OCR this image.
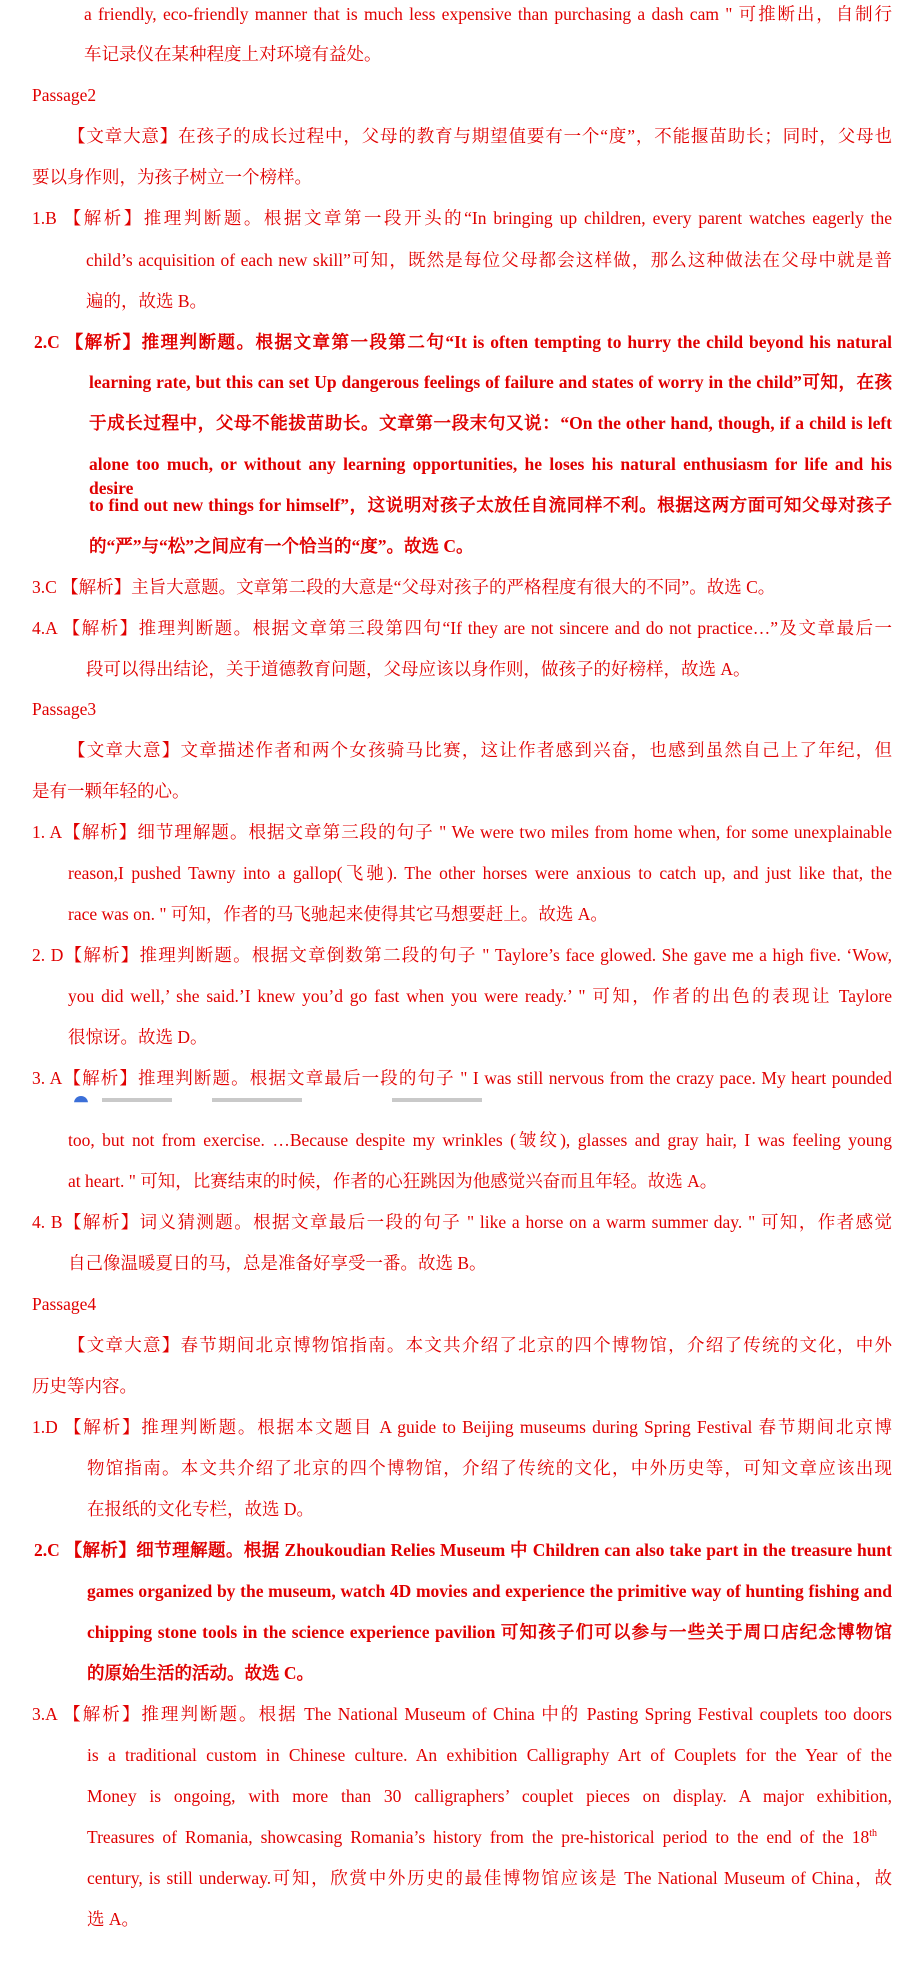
Passage2
Passage3
Passage4
a friendly, eco-friendly manner that is much less expensive than purchasing a dash cam " 可推断出，自制行
车记录仪在某种程度上对环境有益处。
【文章大意】在孩子的成长过程中，父母的教育与期望值要有一个“度”，不能揠苗助长；同时，父母也
要以身作则，为孩子树立一个榜样。
1.B 【解析】推理判断题。根据文章第一段开头的“In bringing up children, every parent watches eagerly the
child’s acquisition of each new skill”可知，既然是每位父母都会这样做，那么这种做法在父母中就是普
遍的，故选 B。
2.C 【解析】推理判断题。根据文章第一段第二句“It is often tempting to hurry the child beyond his natural
learning rate, but this can set Up dangerous feelings of failure and states of worry in the child”可知，在孩
于成长过程中，父母不能拔苗助长。文章第一段末句又说：“On the other hand, though, if a child is left
alone too much, or without any learning opportunities, he loses his natural enthusiasm for life and his desire
to find out new things for himself”，这说明对孩子太放任自流同样不利。根据这两方面可知父母对孩子
的“严”与“松”之间应有一个恰当的“度”。故选 C。
3.C 【解析】主旨大意题。文章第二段的大意是“父母对孩子的严格程度有很大的不同”。故选 C。
4.A 【解析】推理判断题。根据文章第三段第四句“If they are not sincere and do not practice…”及文章最后一
段可以得出结论，关于道德教育问题，父母应该以身作则，做孩子的好榜样，故选 A。
【文章大意】文章描述作者和两个女孩骑马比赛，这让作者感到兴奋，也感到虽然自己上了年纪，但
是有一颗年轻的心。
1. A【解析】细节理解题。根据文章第三段的句子 " We were two miles from home when, for some unexplainable
reason,I pushed Tawny into a gallop(飞驰). The other horses were anxious to catch up, and just like that, the
race was on. " 可知，作者的马飞驰起来使得其它马想要赶上。故选 A。
2. D【解析】推理判断题。根据文章倒数第二段的句子 " Taylore’s face glowed. She gave me a high five. ‘Wow,
you did well,’ she said.’I knew you’d go fast when you were ready.’ " 可知，作者的出色的表现让 Taylore
很惊讶。故选 D。
3. A【解析】推理判断题。根据文章最后一段的句子 " I was still nervous from the crazy pace. My heart pounded
too, but not from exercise. …Because despite my wrinkles (皱纹), glasses and gray hair, I was feeling young
at heart. " 可知，比赛结束的时候，作者的心狂跳因为他感觉兴奋而且年轻。故选 A。
4. B【解析】词义猜测题。根据文章最后一段的句子 " like a horse on a warm summer day. " 可知，作者感觉
自己像温暖夏日的马，总是准备好享受一番。故选 B。
【文章大意】春节期间北京博物馆指南。本文共介绍了北京的四个博物馆，介绍了传统的文化，中外
历史等内容。
1.D 【解析】推理判断题。根据本文题目 A guide to Beijing museums during Spring Festival 春节期间北京博
物馆指南。本文共介绍了北京的四个博物馆，介绍了传统的文化，中外历史等，可知文章应该出现
在报纸的文化专栏，故选 D。
2.C 【解析】细节理解题。根据 Zhoukoudian Relies Museum 中 Children can also take part in the treasure hunt
games organized by the museum, watch 4D movies and experience the primitive way of hunting fishing and
chipping stone tools in the science experience pavilion 可知孩子们可以参与一些关于周口店纪念博物馆
的原始生活的活动。故选 C。
3.A 【解析】推理判断题。根据 The National Museum of China 中的 Pasting Spring Festival couplets too doors
is a traditional custom in Chinese culture. An exhibition Calligraphy Art of Couplets for the Year of the
Money is ongoing, with more than 30 calligraphers’ couplet pieces on display. A major exhibition,
Treasures of Romania, showcasing Romania’s history from the pre-historical period to the end of the 18th
century, is still underway.可知，欣赏中外历史的最佳博物馆应该是 The National Museum of China，故
选 A。
